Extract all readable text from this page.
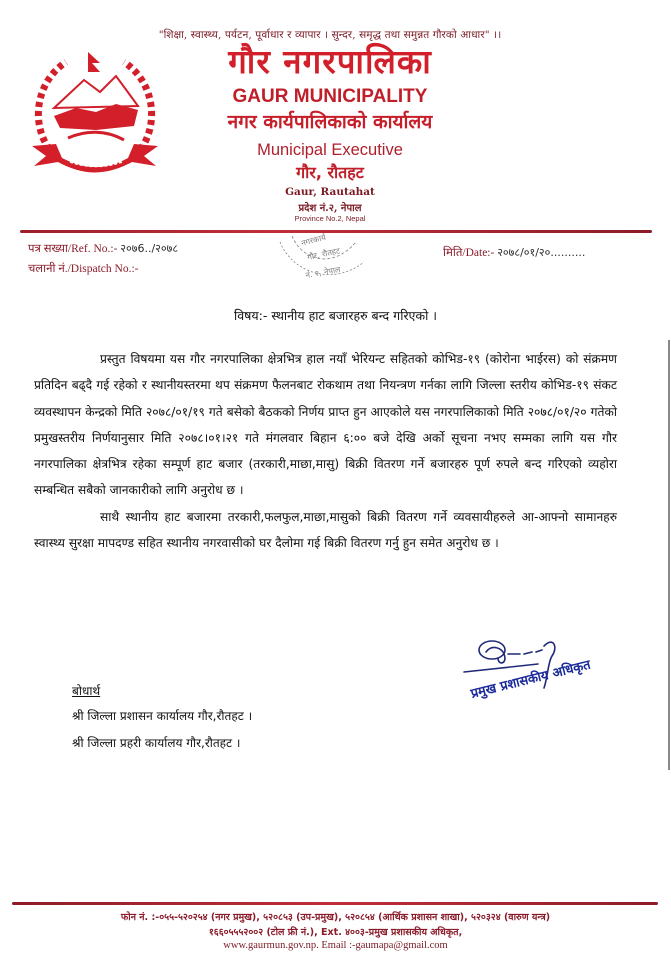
"शिक्षा, स्वास्थ्य, पर्यटन, पूर्वाधार र व्यापार । सुन्दर, समृद्ध तथा समुन्नत गौरको आधार" ।।
गौर नगरपालिका
GAUR MUNICIPALITY
नगर कार्यपालिकाको कार्यालय
Municipal Executive
गौर, रौतहट
Gaur, Rautahat
प्रदेश नं.२, नेपाल
Province No.2, Nepal
पत्र सख्या/Ref. No.:- २०७6../२०७८
चलानी नं./Dispatch No.:-
नगरकार्य
गौर, रौतहट
नं. २, नेपाल
मिति/Date:- २०७८/०१/२०..........
विषय:- स्थानीय हाट बजारहरु बन्द गरिएको ।

प्रस्तुत विषयमा यस गौर नगरपालिका क्षेत्रभित्र हाल नयाँ भेरियन्ट सहितको कोभिड-१९ (कोरोना भाईरस) को संक्रमण प्रतिदिन बढ्दै गई रहेको र स्थानीयस्तरमा थप संक्रमण फैलनबाट रोकथाम तथा नियन्त्रण गर्नका लागि जिल्ला स्तरीय कोभिड-१९ संकट व्यवस्थापन केन्द्रको मिति २०७८/०१/१९ गते बसेको बैठकको निर्णय प्राप्त हुन आएकोले यस नगरपालिकाको मिति २०७८/०१/२० गतेको प्रमुखस्तरीय निर्णयानुसार मिति २०७८।०१।२१ गते मंगलवार बिहान ६:०० बजे देखि अर्को सूचना नभए सम्मका लागि यस गौर नगरपालिका क्षेत्रभित्र रहेका सम्पूर्ण हाट बजार (तरकारी,माछा,मासु) बिक्री वितरण गर्ने बजारहरु पूर्ण रुपले बन्द गरिएको व्यहोरा सम्बन्धित सबैको जानकारीको लागि अनुरोध छ ।

साथै स्थानीय हाट बजारमा तरकारी,फलफुल,माछा,मासुको बिक्री वितरण गर्ने व्यवसायीहरुले आ-आफ्नो सामानहरु स्वास्थ्य सुरक्षा मापदण्ड सहित स्थानीय नगरवासीको घर दैलोमा गई बिक्री वितरण गर्नु हुन समेत अनुरोध छ ।

प्रमुख प्रशासकीय अधिकृत
बोधार्थ
श्री जिल्ला प्रशासन कार्यालय गौर,रौतहट ।
श्री जिल्ला प्रहरी कार्यालय गौर,रौतहट ।
फोन नं. :-०५५-५२०२५४ (नगर प्रमुख), ५२०८५३ (उप-प्रमुख), ५२०८५४ (आर्थिक प्रशासन शाखा), ५२०३२४ (वारुण यन्त्र)
१६६०५५५२००२ (टोल फ्री नं.), Ext. ४००३-प्रमुख प्रशासकीय अधिकृत,
www.gaurmun.gov.np. Email :-gaumapa@gmail.com
